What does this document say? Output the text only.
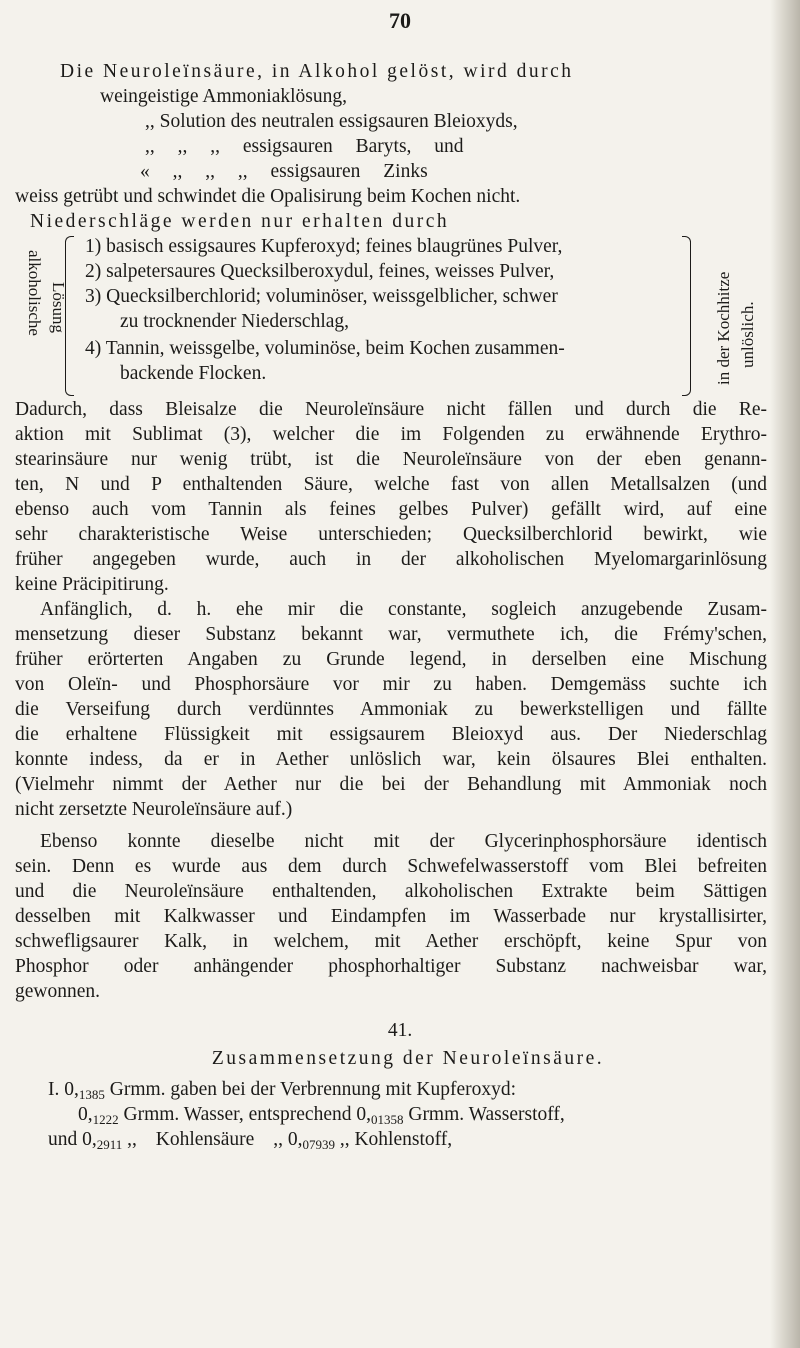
70
Die Neuroleïnsäure, in Alkohol gelöst, wird durch
weingeistige Ammoniaklösung,
,, Solution des neutralen essigsauren Bleioxyds,
,, ,, ,, essigsauren Baryts, und
« ,, ,, ,, essigsauren Zinks
weiss getrübt und schwindet die Opalisirung beim Kochen nicht.
Niederschläge werden nur erhalten durch
alkoholische Lösung
1) basisch essigsaures Kupferoxyd; feines blaugrünes Pulver,
2) salpetersaures Quecksilberoxydul, feines, weisses Pulver,
3) Quecksilberchlorid; voluminöser, weissgelblicher, schwer
zu trocknender Niederschlag,
4) Tannin, weissgelbe, voluminöse, beim Kochen zusammen-
backende Flocken.	in der Kochhitze unlöslich.
Dadurch, dass Bleisalze die Neuroleïnsäure nicht fällen und durch die Re-
aktion mit Sublimat (3), welcher die im Folgenden zu erwähnende Erythro-
stearinsäure nur wenig trübt, ist die Neuroleïnsäure von der eben genann-
ten, N und P enthaltenden Säure, welche fast von allen Metallsalzen (und
ebenso auch vom Tannin als feines gelbes Pulver) gefällt wird, auf eine
sehr charakteristische Weise unterschieden; Quecksilberchlorid bewirkt, wie
früher angegeben wurde, auch in der alkoholischen Myelomargarinlösung
keine Präcipitirung.
Anfänglich, d. h. ehe mir die constante, sogleich anzugebende Zusam-
mensetzung dieser Substanz bekannt war, vermuthete ich, die Frémy'schen,
früher erörterten Angaben zu Grunde legend, in derselben eine Mischung
von Oleïn- und Phosphorsäure vor mir zu haben. Demgemäss suchte ich
die Verseifung durch verdünntes Ammoniak zu bewerkstelligen und fällte
die erhaltene Flüssigkeit mit essigsaurem Bleioxyd aus. Der Niederschlag
konnte indess, da er in Aether unlöslich war, kein ölsaures Blei enthalten.
(Vielmehr nimmt der Aether nur die bei der Behandlung mit Ammoniak noch
nicht zersetzte Neuroleïnsäure auf.)
Ebenso konnte dieselbe nicht mit der Glycerinphosphorsäure identisch
sein. Denn es wurde aus dem durch Schwefelwasserstoff vom Blei befreiten
und die Neuroleïnsäure enthaltenden, alkoholischen Extrakte beim Sättigen
desselben mit Kalkwasser und Eindampfen im Wasserbade nur krystallisirter,
schwefligsaurer Kalk, in welchem, mit Aether erschöpft, keine Spur von
Phosphor oder anhängender phosphorhaltiger Substanz nachweisbar war,
gewonnen.
41.
Zusammensetzung der Neuroleïnsäure.
I. $0,_{1385}$ Grmm. gaben bei der Verbrennung mit Kupferoxyd:
$0,_{1222}$ Grmm. Wasser, entsprechend $0,_{01358}$ Grmm. Wasserstoff,
und $0,_{2911}$ ,, Kohlensäure ,, $0,_{07939}$ ,, Kohlenstoff,
